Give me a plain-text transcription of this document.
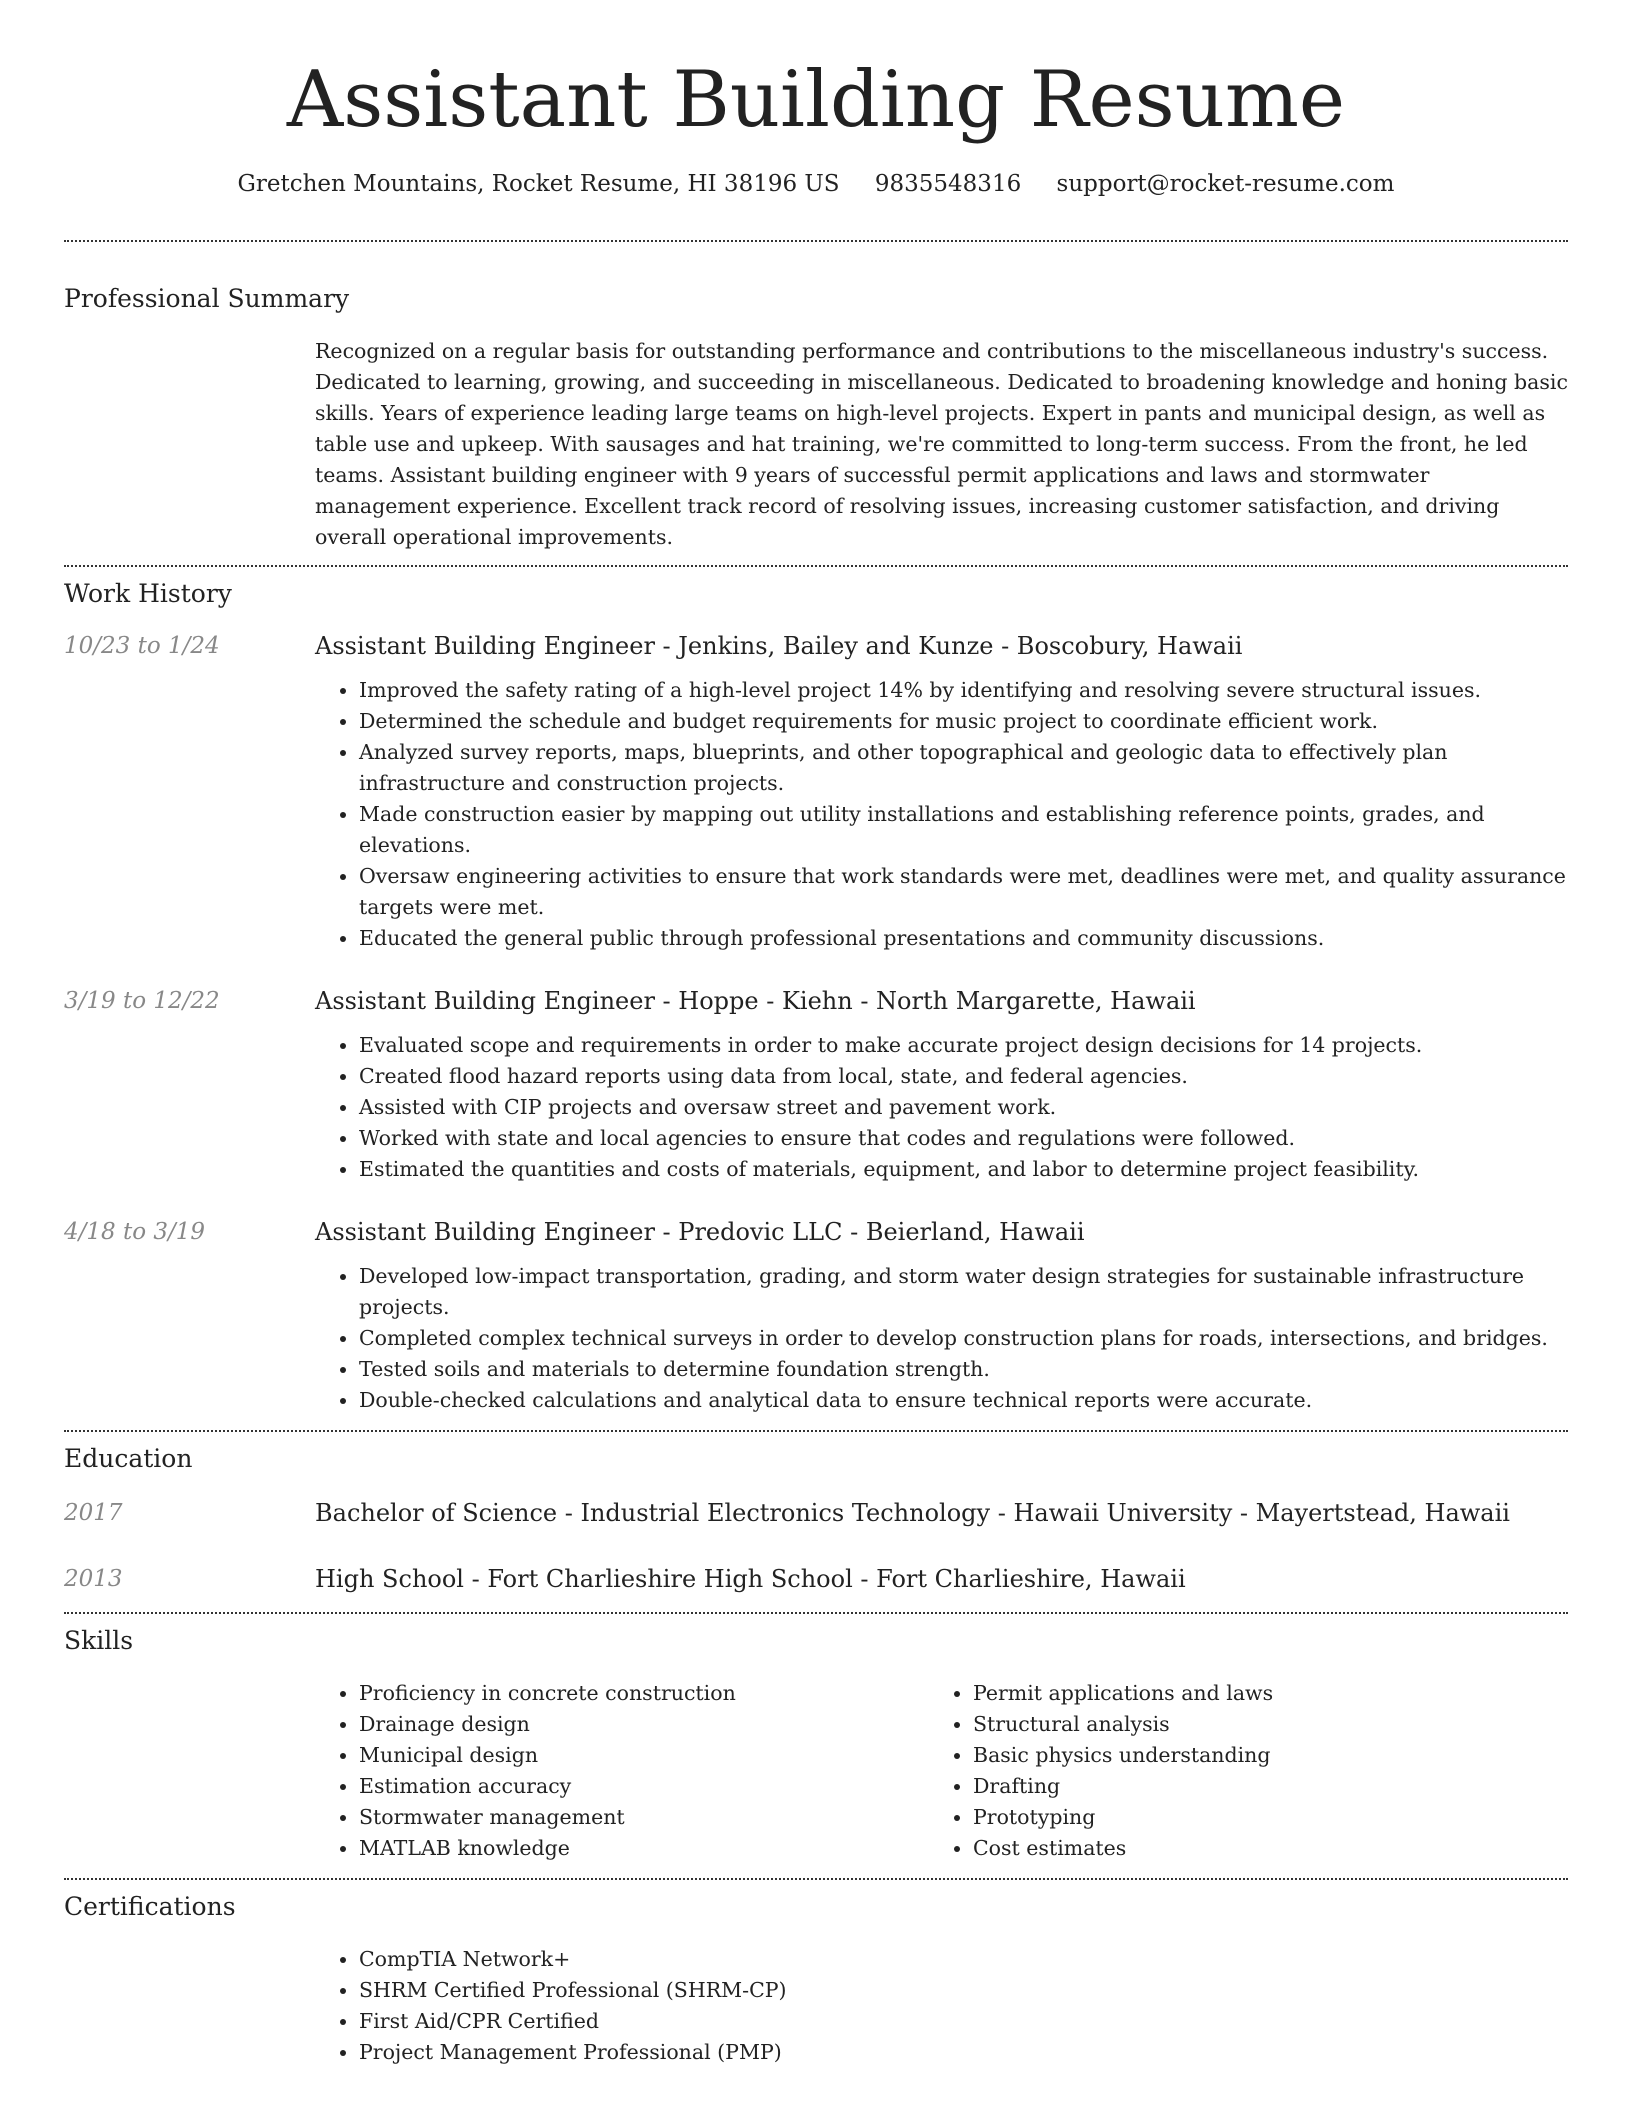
Assistant Building Resume
Gretchen Mountains, Rocket Resume, HI 38196 US 9835548316 support@rocket-resume.com
Professional Summary
Recognized on a regular basis for outstanding performance and contributions to the miscellaneous industry's success. Dedicated to learning, growing, and succeeding in miscellaneous. Dedicated to broadening knowledge and honing basic skills. Years of experience leading large teams on high-level projects. Expert in pants and municipal design, as well as table use and upkeep. With sausages and hat training, we're committed to long-term success. From the front, he led teams. Assistant building engineer with 9 years of successful permit applications and laws and stormwater management experience. Excellent track record of resolving issues, increasing customer satisfaction, and driving overall operational improvements.
Work History
10/23 to 1/24	Assistant Building Engineer - Jenkins, Bailey and Kunze - Boscobury, Hawaii
• Improved the safety rating of a high-level project 14% by identifying and resolving severe structural issues.
• Determined the schedule and budget requirements for music project to coordinate efficient work.
• Analyzed survey reports, maps, blueprints, and other topographical and geologic data to effectively plan infrastructure and construction projects.
• Made construction easier by mapping out utility installations and establishing reference points, grades, and elevations.
• Oversaw engineering activities to ensure that work standards were met, deadlines were met, and quality assurance targets were met.
• Educated the general public through professional presentations and community discussions.
3/19 to 12/22	Assistant Building Engineer - Hoppe - Kiehn - North Margarette, Hawaii
• Evaluated scope and requirements in order to make accurate project design decisions for 14 projects.
• Created flood hazard reports using data from local, state, and federal agencies.
• Assisted with CIP projects and oversaw street and pavement work.
• Worked with state and local agencies to ensure that codes and regulations were followed.
• Estimated the quantities and costs of materials, equipment, and labor to determine project feasibility.
4/18 to 3/19	Assistant Building Engineer - Predovic LLC - Beierland, Hawaii
• Developed low-impact transportation, grading, and storm water design strategies for sustainable infrastructure projects.
• Completed complex technical surveys in order to develop construction plans for roads, intersections, and bridges.
• Tested soils and materials to determine foundation strength.
• Double-checked calculations and analytical data to ensure technical reports were accurate.
Education
2017	Bachelor of Science - Industrial Electronics Technology - Hawaii University - Mayertstead, Hawaii
2013	High School - Fort Charlieshire High School - Fort Charlieshire, Hawaii
Skills
• Proficiency in concrete construction
• Drainage design
• Municipal design
• Estimation accuracy
• Stormwater management
• MATLAB knowledge
• Permit applications and laws
• Structural analysis
• Basic physics understanding
• Drafting
• Prototyping
• Cost estimates
Certifications
• CompTIA Network+
• SHRM Certified Professional (SHRM-CP)
• First Aid/CPR Certified
• Project Management Professional (PMP)
